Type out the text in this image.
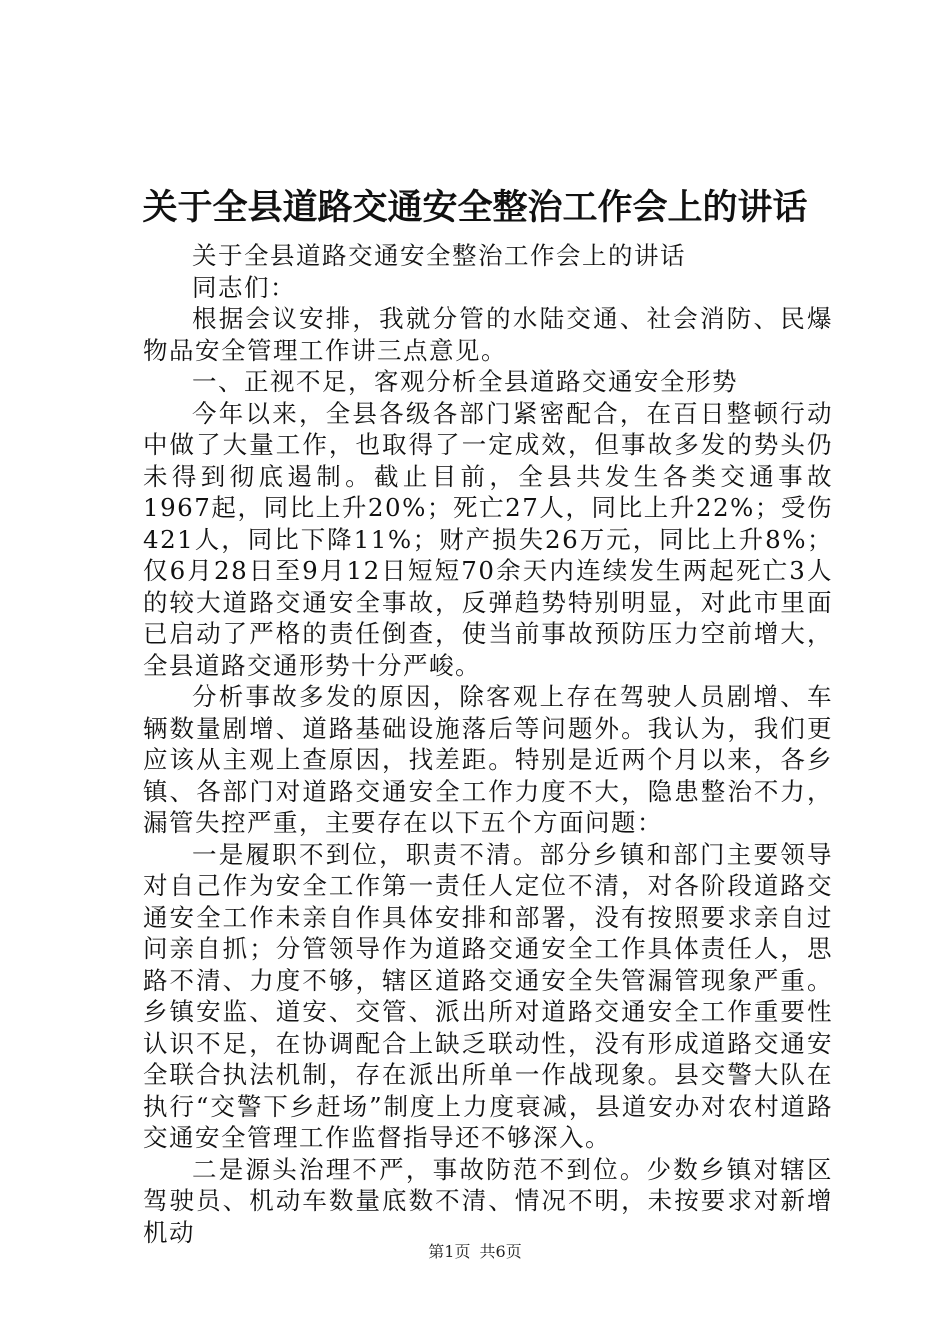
关于全县道路交通安全整治工作会上的讲话

关于全县道路交通安全整治工作会上的讲话

同志们：

根据会议安排，我就分管的水陆交通、社会消防、民爆物品安全管理工作讲三点意见。

一、正视不足，客观分析全县道路交通安全形势

今年以来，全县各级各部门紧密配合，在百日整顿行动中做了大量工作，也取得了一定成效，但事故多发的势头仍未得到彻底遏制。截止目前，全县共发生各类交通事故1967起，同比上升20%；死亡27人，同比上升22%；受伤421人，同比下降11%；财产损失26万元，同比上升8%；仅6月28日至9月12日短短70余天内连续发生两起死亡3人的较大道路交通安全事故，反弹趋势特别明显，对此市里面已启动了严格的责任倒查，使当前事故预防压力空前增大，全县道路交通形势十分严峻。

分析事故多发的原因，除客观上存在驾驶人员剧增、车辆数量剧增、道路基础设施落后等问题外。我认为，我们更应该从主观上查原因，找差距。特别是近两个月以来，各乡镇、各部门对道路交通安全工作力度不大，隐患整治不力，漏管失控严重，主要存在以下五个方面问题：

一是履职不到位，职责不清。部分乡镇和部门主要领导对自己作为安全工作第一责任人定位不清，对各阶段道路交通安全工作未亲自作具体安排和部署，没有按照要求亲自过问亲自抓；分管领导作为道路交通安全工作具体责任人，思路不清、力度不够，辖区道路交通安全失管漏管现象严重。乡镇安监、道安、交管、派出所对道路交通安全工作重要性认识不足，在协调配合上缺乏联动性，没有形成道路交通安全联合执法机制，存在派出所单一作战现象。县交警大队在执行“交警下乡赶场”制度上力度衰减，县道安办对农村道路交通安全管理工作监督指导还不够深入。

二是源头治理不严，事故防范不到位。少数乡镇对辖区驾驶员、机动车数量底数不清、情况不明，未按要求对新增机动

第1页 共6页
